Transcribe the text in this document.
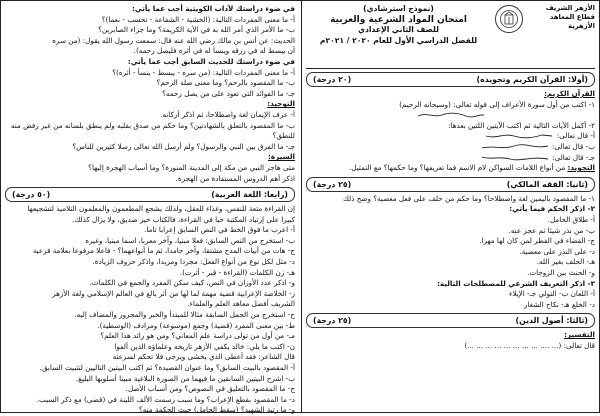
الأزهر الشريف
قطاع المعاهد الأزهرية
(نموذج استرشادي)
امتحان المواد الشرعية والعربية
للصف الثاني الإعدادي
للفصل الدراسي الأول للعام ٢٠٢٠ / ٢٠٢١م
(أولا: القرآن الكريم وتجويده)
(٢٠ درجة)
القرآن الكريم:
١- اكتب من أول سورة الأعراف إلى قوله تعالى: (وسبحانه الرحيم)
٢- أكمل الآيات التالية ثم اكتب الآيتين اللتين بعدها:
أ- قال تعالى:
ب- قال تعالى:
جـ- قال تعالى:
التجويد: من أنواع اللامات السواكن لام الاسم فما تعريفها؟ وما حكمها؟ مع التمثيل.
(ثانيا: الفقه المالكي)
(٢٥ درجة)
١- ما المقصود باليمين لغة واصطلاحا؟ وما حكم من حلف على فعل معصية؟ وضح ذلك
٢- اذكر الحكم فيما يأتي:
أ- طلاق الحامل.
ب- من نذر شيئا ثم عجز عنه.
ج- القضاء في الفطر لمن كان لها مهرا.
د- على النذر على معصية.
هـ- الحلف بغير الله.
و- الحنث بين الزوجات.
٣- اذكر التعريف الشرعي للمصطلحات التالية:
أ- اللعان ب- التولي جـ- الإيلاء
د- الخلع هـ- نكاح الشغار
(ثالثا: أصول الدين)
(٢٥ درجة)
التفسير:
قال تعالى: (... .... ... ... ... ... ... ... ... ...)
في ضوء دراستك لآداب الكويتية أجب عما يأتي:
أ- ما معنى المفردات التالية: (الخشية - الشفاعة - تحسب - نعما)؟
ب- ما الأمر الذي أمر الله به في الآية الكريمة؟ وما جزاء الصابرين؟
الحديث: عن أنس بن مالك رضي الله عنه قال: سمعت رسول الله يقول: (من سره
أن يبسط له في رزقه وينسأ له في أثره فليصل رحمه).
في ضوء دراستك للحديث السابق أجب عما يأتي:
أ- ما معنى المفردات التالية: (من سره - يبسط - ينسأ - أثره)؟
ب- ما المقصود بالرحم؟ وما معنى صلة الرحم؟
جـ- ما الفوائد التي تعود على من يصل رحمه؟
التوحيد:
أ- عرف الإيمان لغة واصطلاحا، ثم اذكر أركانه.
ب- ما المقصود بالتعلق بالشهادتين؟ وما حكم من صدق بقلبه ولم ينطق بلسانه من غير رفض منه
للنطق؟
جـ- ما الفرق بين النبي والرسول؟ ولم أرسل الله تعالى رسلا كثيرين للناس؟
السيرة:
متى هاجر النبي من مكة إلى المدينة المنورة؟ وما أسباب الهجرة إليها؟
اذكر أهم الدروس المستفادة من الهجرة.
(رابعا: اللغة العربية)
(٥٠ درجة)
إن القراءة متعة للنفس، وغذاء للعقل، ولذلك يشجع المطعمون والمعلمون التلاميذ لتشجيعها
كبيرا على إرتياد المكتبة حبا في القراءة، فالكتاب خير صديق، ولا يزال كذلك.
أ- اعرب ما فوق الخط في النص السابق إعرابا تاما.
ب- استخرج من النص السابق: فعلا مبنيا، وآخر معربا، اسما مبنيا، وغيره
ج- هات من أبيات المدح مشتقا، وآخر جامدا، ثم ما أنواعهما؟ - فاعلا مرفوعا بعلامة فرعية
د- مثل لكل نوع من أنواع الفعل: مجردا ومزيدا، واذكر حروف الزيادة.
هـ- زن الكلمات (القراءة - قبر - أثرت).
و- اذكر عدد الأوزان في النص، كيف سكن المفرد والجمع في الكلمات.
ز- الخلاصة الإعرابية قضية مهمة لما لها من أثر بالغ في العالم الإسلامي ولغة الأزهر
الشريف أفضل معاهد العلم والعلماء.
ح- استخرج من الجمل السابقة مثالا للمبتدأ والخبر والمجرور والمضاف إليه.
ط- بين معنى المفرد (قضية) وجمع (موسوعة) ومرادف (الوسطية).
مـ- من أول من تولى دراسة علم المعاني؟ ومن هو رائد هذا العلم؟
ن- اكتب ما يلي: خالد يكفي الأزهر تاريخه وعلماؤه الذين ألفوا
قال الشاعر: فقد أعطى الذي يخشى ويرجى فلا تحكم لسرعته
أ- المقصود بالبيت السابق؟ وما عنوان القصيدة؟ ثم اكتب البيتين التاليين لتثبيت السابق.
ب- اشرح البيتين السابقين ما فيهما من الصورة البلاغية مبينا أسلوبها البليغ.
ج- ما المقصود بالتعليق في النصوص؟ ومن أسباب الأصل.
د- ما المقصود بقطع الإعراب؟ وما سبب رسمت الألف اللينة في (قضى) مع ذكر السبب.
و- ما رتبة الشهيد؟ (سقط الحامل) حيث الحكمة منه؟
